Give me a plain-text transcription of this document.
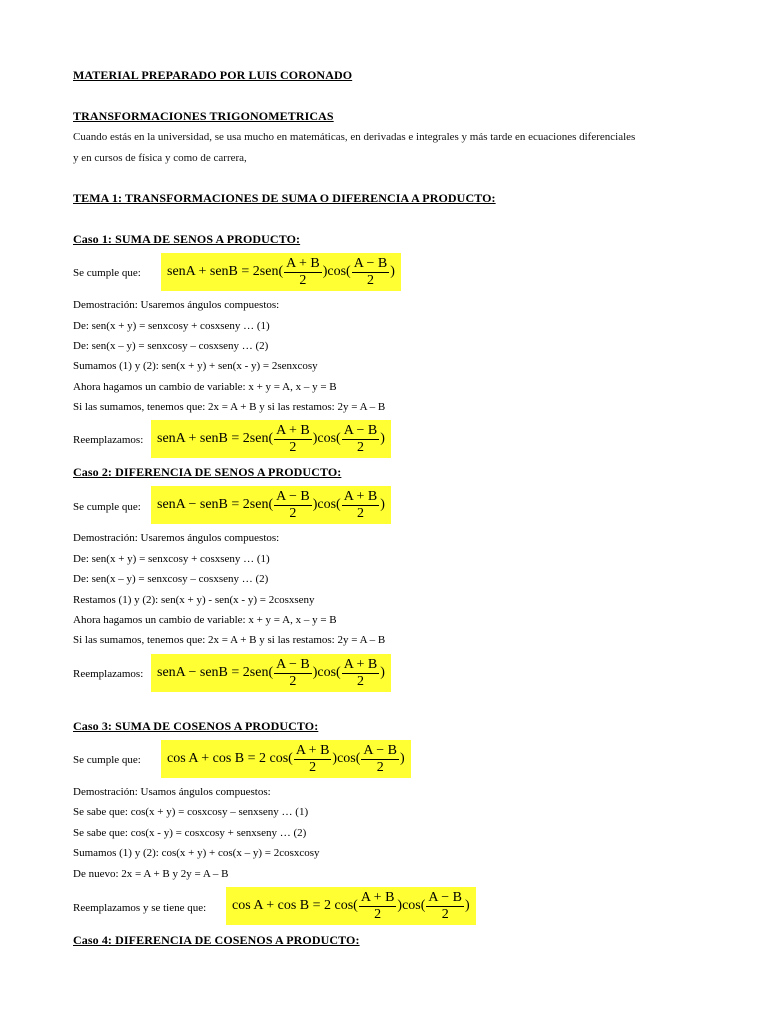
MATERIAL PREPARADO POR LUIS CORONADO
TRANSFORMACIONES TRIGONOMETRICAS
Cuando estás en la universidad, se usa mucho en matemáticas, en derivadas e integrales y más tarde en ecuaciones diferenciales
y en cursos de física y como de carrera,
TEMA 1: TRANSFORMACIONES DE SUMA O DIFERENCIA A PRODUCTO:
Caso 1: SUMA DE SENOS A PRODUCTO:
Se cumple que: senA + senB = $2sen( \frac{A + B}{2} )\cos( \frac{A - B}{2}$ )
Demostración: Usaremos ángulos compuestos:
De: sen(x + y) = senxcosy + cosxseny … (1)
De: sen(x – y) = senxcosy – cosxseny … (2)
Sumamos (1) y (2): sen(x + y) + sen(x - y) = 2senxcosy
Ahora hagamos un cambio de variable: x + y = A, x – y = B
Si las sumamos, tenemos que: 2x = A + B y si las restamos: 2y = A – B
Reemplazamos: senA + senB = $2sen( \frac{A + B}{2} )\cos( \frac{A - B}{2}$ )
Caso 2: DIFERENCIA DE SENOS A PRODUCTO:
Se cumple que: senA − senB = $2sen( \frac{A - B}{2} )\cos( \frac{A + B}{2}$ )
Demostración: Usaremos ángulos compuestos:
De: sen(x + y) = senxcosy + cosxseny … (1)
De: sen(x – y) = senxcosy – cosxseny … (2)
Restamos (1) y (2): sen(x + y) - sen(x - y) = 2cosxseny
Ahora hagamos un cambio de variable: x + y = A, x – y = B
Si las sumamos, tenemos que: 2x = A + B y si las restamos: 2y = A – B
Reemplazamos: senA − senB = $2sen( \frac{A - B}{2} )\cos( \frac{A + B}{2}$ )
Caso 3: SUMA DE COSENOS A PRODUCTO:
Se cumple que: cos A + cos B = 2 $\cos( \frac{A + B}{2} )\cos( \frac{A - B}{2}$ )
Demostración: Usamos ángulos compuestos:
Se sabe que: cos(x + y) = cosxcosy – senxseny … (1)
Se sabe que: cos(x - y) = cosxcosy + senxseny … (2)
Sumamos (1) y (2): cos(x + y) + cos(x – y) = 2cosxcosy
De nuevo: 2x = A + B y 2y = A – B
Reemplazamos y se tiene que: cos A + cos B = 2 $\cos( \frac{A + B}{2} )\cos( \frac{A - B}{2}$ )
Caso 4: DIFERENCIA DE COSENOS A PRODUCTO:
